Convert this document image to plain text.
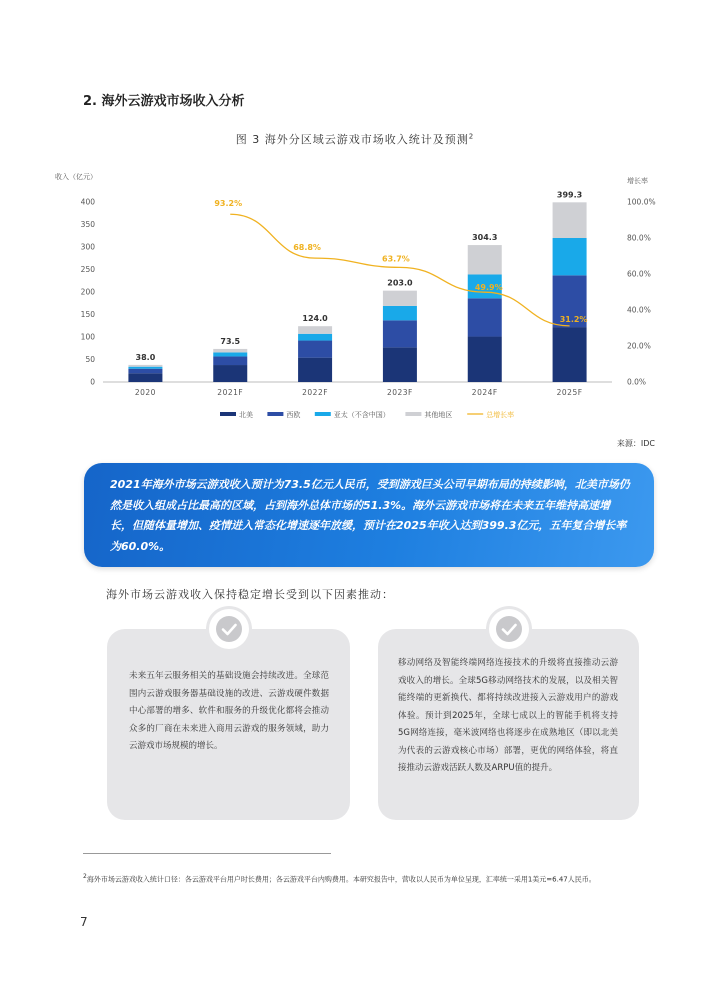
2. 海外云游戏市场收入分析
图 3 海外分区域云游戏市场收入统计及预测$^2$
收入（亿元）	增长率
0
50
100
150
200
250
300
350
400
0.0%
20.0%
40.0%
60.0%
80.0%
100.0%
38.0
2020
73.5
2021F
124.0
2022F
203.0
2023F
304.3
2024F
399.3
2025F
93.2%
68.8%
63.7%
49.9%
31.2%
北美	西欧	亚太（不含中国）	其他地区	总增长率
来源：IDC
2021年海外市场云游戏收入预计为73.5亿元人民币，受到游戏巨头公司早期布局的持续影响，北美市场仍然是收入组成占比最高的区域，占到海外总体市场的51.3%。海外云游戏市场将在未来五年维持高速增长，但随体量增加、疫情进入常态化增速逐年放缓，预计在2025年收入达到399.3亿元，五年复合增长率为60.0%。
海外市场云游戏收入保持稳定增长受到以下因素推动：
未来五年云服务相关的基础设施会持续改进。全球范围内云游戏服务器基础设施的改进、云游戏硬件数据中心部署的增多、软件和服务的升级优化都将会推动众多的厂商在未来进入商用云游戏的服务领域，助力云游戏市场规模的增长。
移动网络及智能终端网络连接技术的升级将直接推动云游戏收入的增长。全球5G移动网络技术的发展，以及相关智能终端的更新换代、都将持续改进接入云游戏用户的游戏体验。预计到2025年，全球七成以上的智能手机将支持5G网络连接，毫米波网络也将逐步在成熟地区（即以北美为代表的云游戏核心市场）部署，更优的网络体验，将直接推动云游戏活跃人数及ARPU值的提升。
$^2$海外市场云游戏收入统计口径：各云游戏平台用户时长费用；各云游戏平台内购费用。本研究报告中，营收以人民币为单位呈现，汇率统一采用1美元=6.47人民币。
7
